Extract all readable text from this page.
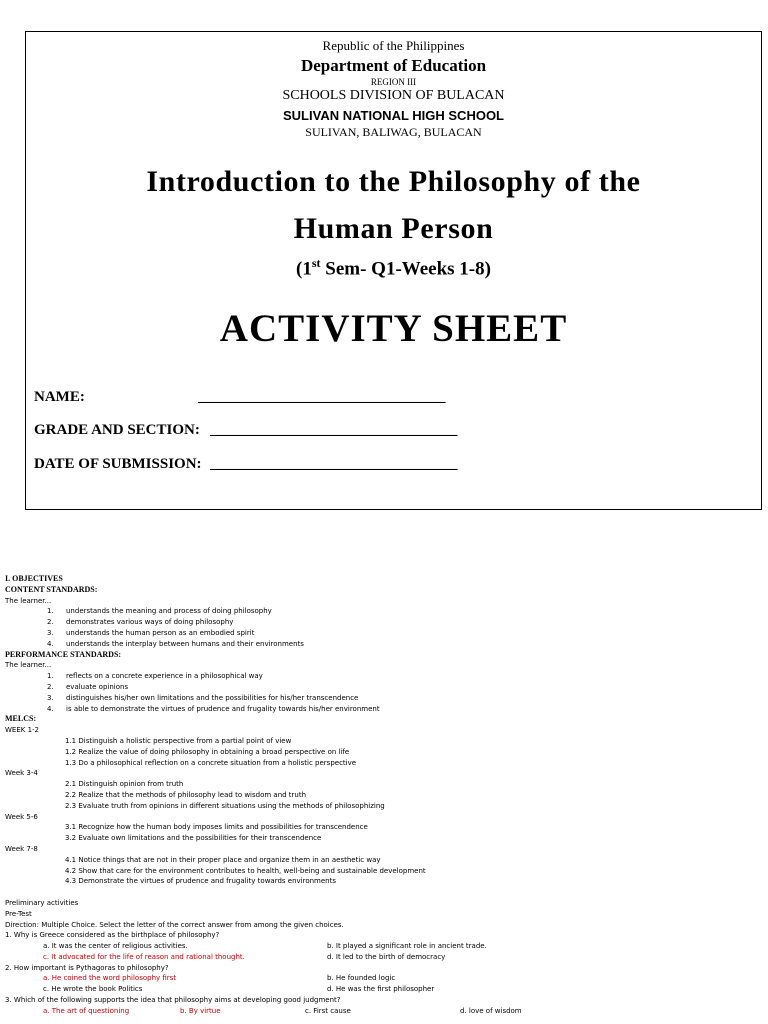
Republic of the Philippines
Department of Education
REGION III
SCHOOLS DIVISION OF BULACAN
SULIVAN NATIONAL HIGH SCHOOL
SULIVAN, BALIWAG, BULACAN
Introduction to the Philosophy of the
Human Person
(1st Sem- Q1-Weeks 1-8)
ACTIVITY SHEET
NAME:	_________________________________
GRADE AND SECTION: _________________________________
DATE OF SUBMISSION: _________________________________
I. OBJECTIVES
CONTENT STANDARDS:
The learner...
1. understands the meaning and process of doing philosophy
2. demonstrates various ways of doing philosophy
3. understands the human person as an embodied spirit
4. understands the interplay between humans and their environments
PERFORMANCE STANDARDS:
The learner...
1. reflects on a concrete experience in a philosophical way
2. evaluate opinions
3. distinguishes his/her own limitations and the possibilities for his/her transcendence
4. is able to demonstrate the virtues of prudence and frugality towards his/her environment
MELCS:
WEEK 1-2
1.1 Distinguish a holistic perspective from a partial point of view
1.2 Realize the value of doing philosophy in obtaining a broad perspective on life
1.3 Do a philosophical reflection on a concrete situation from a holistic perspective
Week 3-4
2.1 Distinguish opinion from truth
2.2 Realize that the methods of philosophy lead to wisdom and truth
2.3 Evaluate truth from opinions in different situations using the methods of philosophizing
Week 5-6
3.1 Recognize how the human body imposes limits and possibilities for transcendence
3.2 Evaluate own limitations and the possibilities for their transcendence
Week 7-8
4.1 Notice things that are not in their proper place and organize them in an aesthetic way
4.2 Show that care for the environment contributes to health, well-being and sustainable development
4.3 Demonstrate the virtues of prudence and frugality towards environments
Preliminary activities
Pre-Test
Direction: Multiple Choice. Select the letter of the correct answer from among the given choices.
1. Why is Greece considered as the birthplace of philosophy?
a. It was the center of religious activities.	b. It played a significant role in ancient trade.
c. It advocated for the life of reason and rational thought.	d. It led to the birth of democracy
2. How important is Pythagoras to philosophy?
a. He coined the word philosophy first	b. He founded logic
c. He wrote the book Politics	d. He was the first philosopher
3. Which of the following supports the idea that philosophy aims at developing good judgment?
a. The art of questioning	b. By virtue	c. First cause	d. love of wisdom
